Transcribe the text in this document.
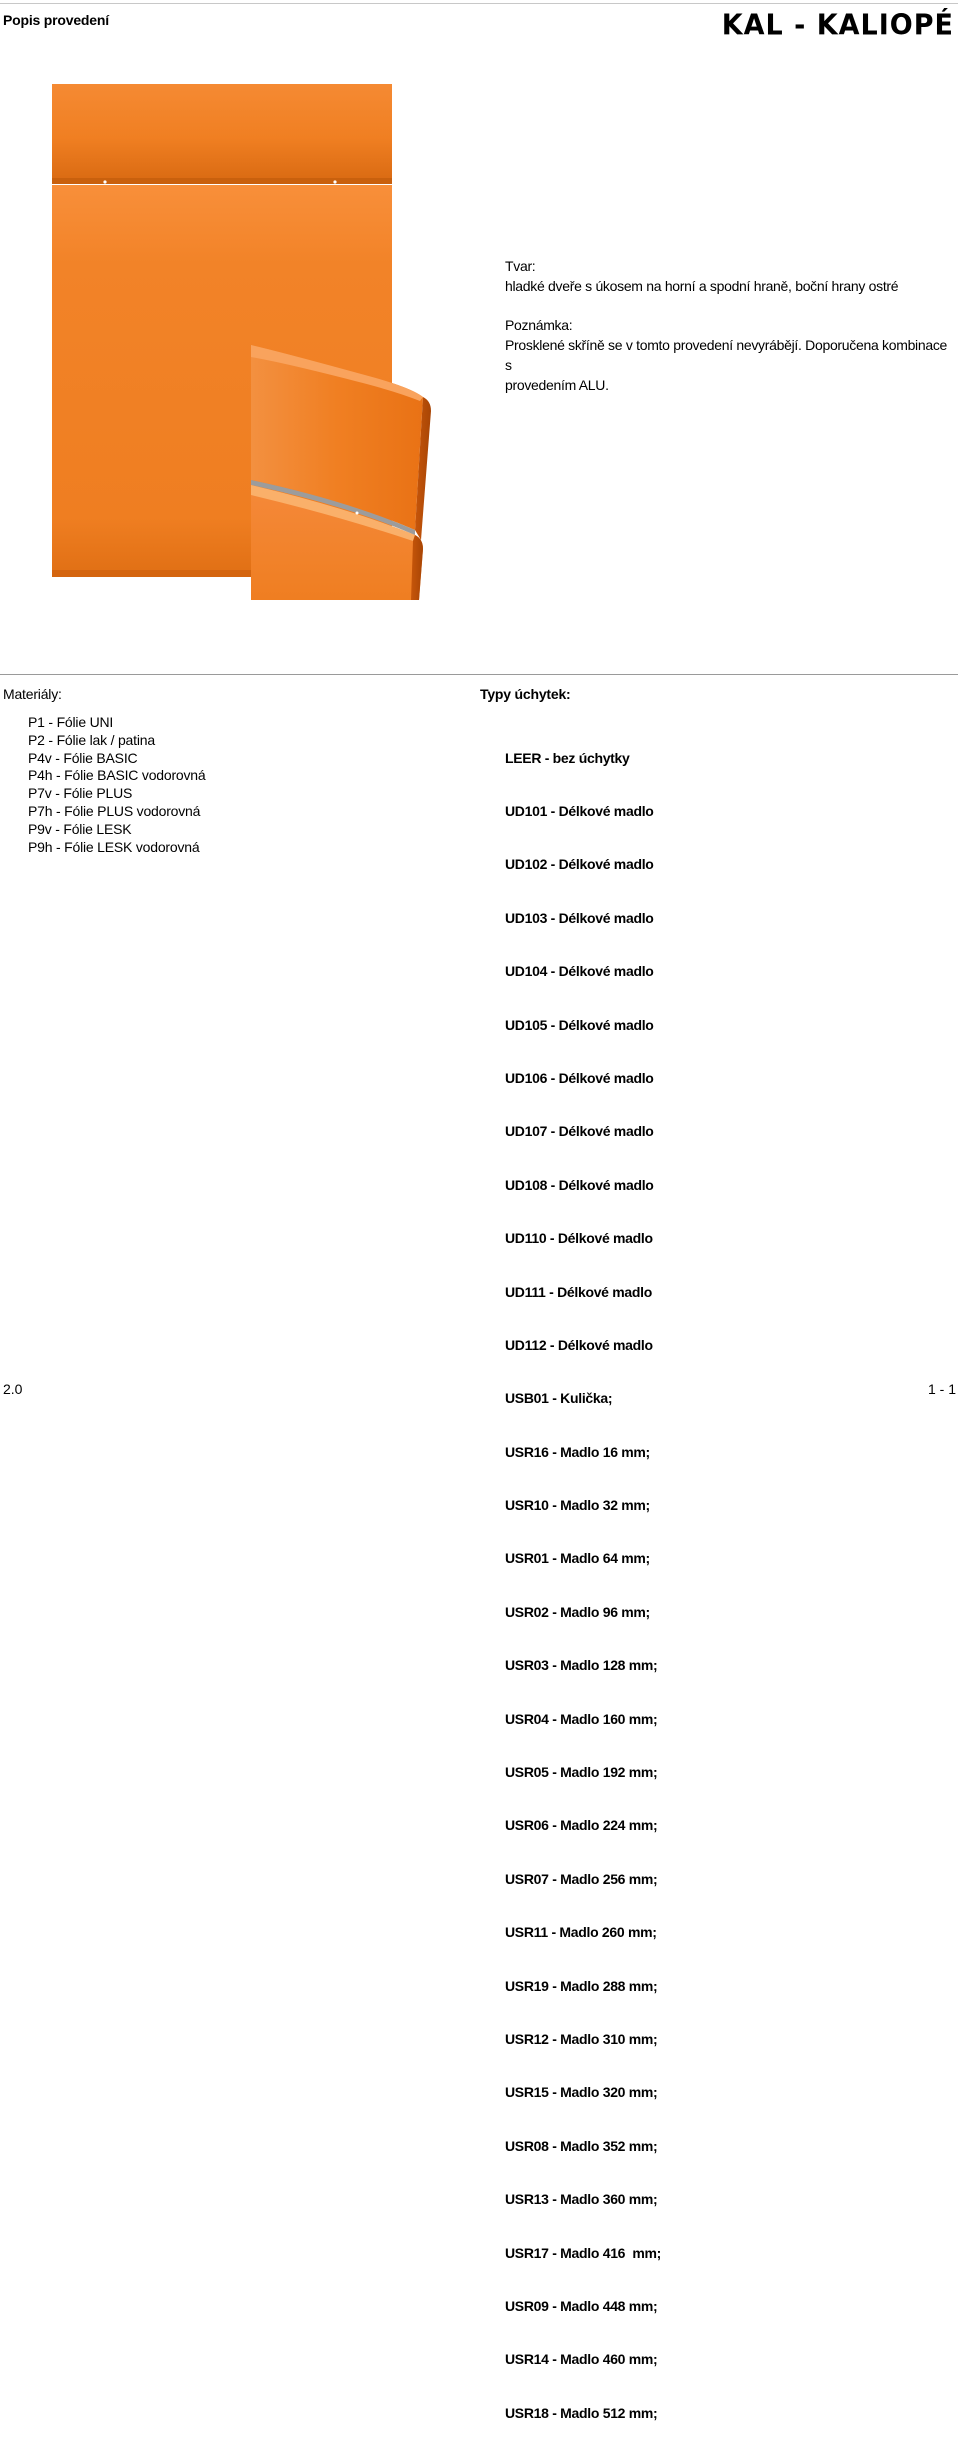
Popis provedení	KAL - KALIOPÉ
Tvar:
hladké dveře s úkosem na horní a spodní hraně, boční hrany ostré
Poznámka:
Prosklené skříně se v tomto provedení nevyrábějí. Doporučena kombinace s
provedením ALU.
Materiály:
P1 - Fólie UNI
P2 - Fólie lak / patina
P4v - Fólie BASIC
P4h - Fólie BASIC vodorovná
P7v - Fólie PLUS
P7h - Fólie PLUS vodorovná
P9v - Fólie LESK
P9h - Fólie LESK vodorovná
Typy úchytek:

LEER - bez úchytky

UD101 - Délkové madlo

UD102 - Délkové madlo

UD103 - Délkové madlo

UD104 - Délkové madlo

UD105 - Délkové madlo

UD106 - Délkové madlo

UD107 - Délkové madlo

UD108 - Délkové madlo

UD110 - Délkové madlo

UD111 - Délkové madlo

UD112 - Délkové madlo

USB01 - Kulička;

USR16 - Madlo 16 mm;

USR10 - Madlo 32 mm;

USR01 - Madlo 64 mm;

USR02 - Madlo 96 mm;

USR03 - Madlo 128 mm;

USR04 - Madlo 160 mm;

USR05 - Madlo 192 mm;

USR06 - Madlo 224 mm;

USR07 - Madlo 256 mm;

USR11 - Madlo 260 mm;

USR19 - Madlo 288 mm;

USR12 - Madlo 310 mm;

USR15 - Madlo 320 mm;

USR08 - Madlo 352 mm;

USR13 - Madlo 360 mm;

USR17 - Madlo 416  mm;

USR09 - Madlo 448 mm;

USR14 - Madlo 460 mm;

USR18 - Madlo 512 mm;

2.0	1 - 1
